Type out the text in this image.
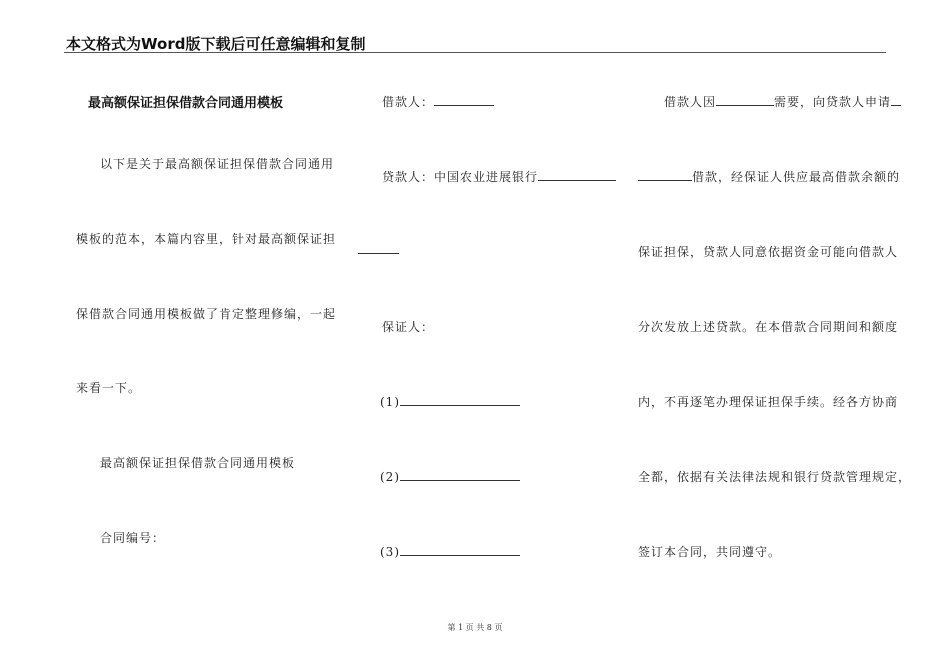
本文格式为Word版下载后可任意编辑和复制
最高额保证担保借款合同通用模板
以下是关于最高额保证担保借款合同通用
模板的范本，本篇内容里，针对最高额保证担
保借款合同通用模板做了肯定整理修编，一起
来看一下。
最高额保证担保借款合同通用模板
合同编号：
借款人：
贷款人：中国农业进展银行
保证人：
(1)
(2)
(3)
借款人因	需要，向贷款人申请
借款，经保证人供应最高借款余额的
保证担保，贷款人同意依据资金可能向借款人
分次发放上述贷款。在本借款合同期间和额度
内，不再逐笔办理保证担保手续。经各方协商
全都，依据有关法律法规和银行贷款管理规定，
签订本合同，共同遵守。
第 1 页 共 8 页
